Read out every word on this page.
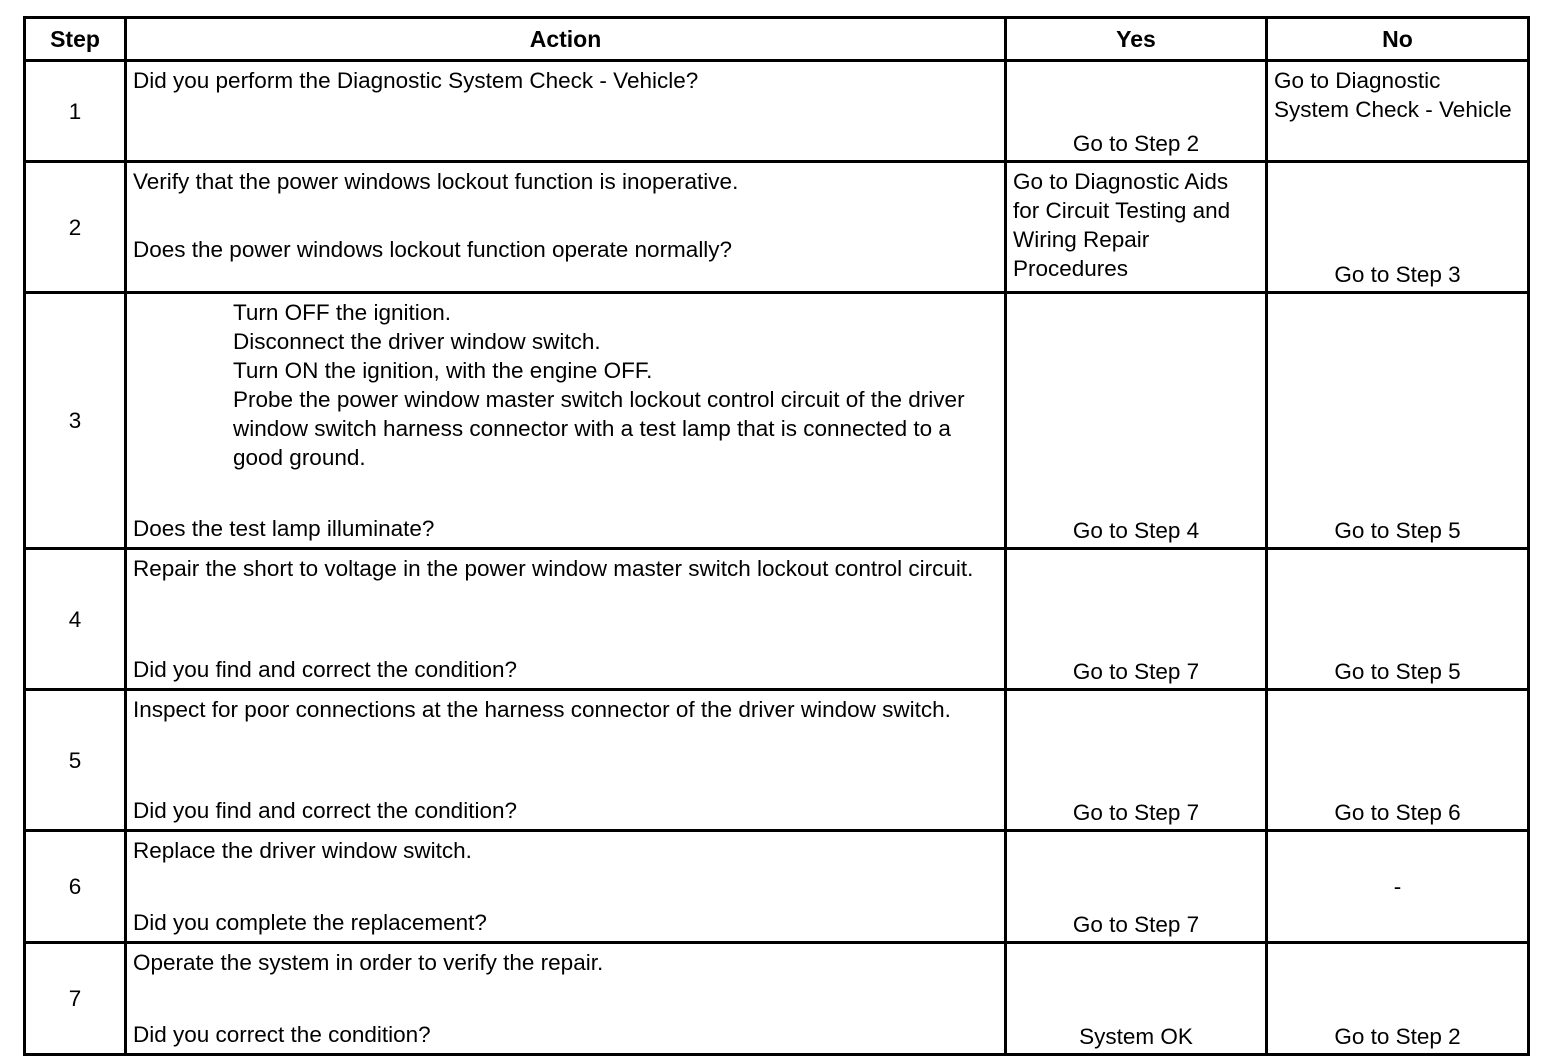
Step	Action	Yes	No
1	Did you perform the Diagnostic System Check - Vehicle?	Go to Step 2	Go to Diagnostic System Check - Vehicle

2	Verify that the power windows lockout function is inoperative.
Does the power windows lockout function operate normally?	Go to Diagnostic Aids for Circuit Testing and Wiring Repair Procedures	Go to Step 3

3	Turn OFF the ignition.
Disconnect the driver window switch.
Turn ON the ignition, with the engine OFF.
Probe the power window master switch lockout control circuit of the driver window switch harness connector with a test lamp that is connected to a good ground.
Does the test lamp illuminate?	Go to Step 4	Go to Step 5

4	Repair the short to voltage in the power window master switch lockout control circuit.
Did you find and correct the condition?	Go to Step 7	Go to Step 5

5	Inspect for poor connections at the harness connector of the driver window switch.
Did you find and correct the condition?	Go to Step 7	Go to Step 6

6	Replace the driver window switch.
Did you complete the replacement?	Go to Step 7	-

7	Operate the system in order to verify the repair.
Did you correct the condition?	System OK	Go to Step 2
